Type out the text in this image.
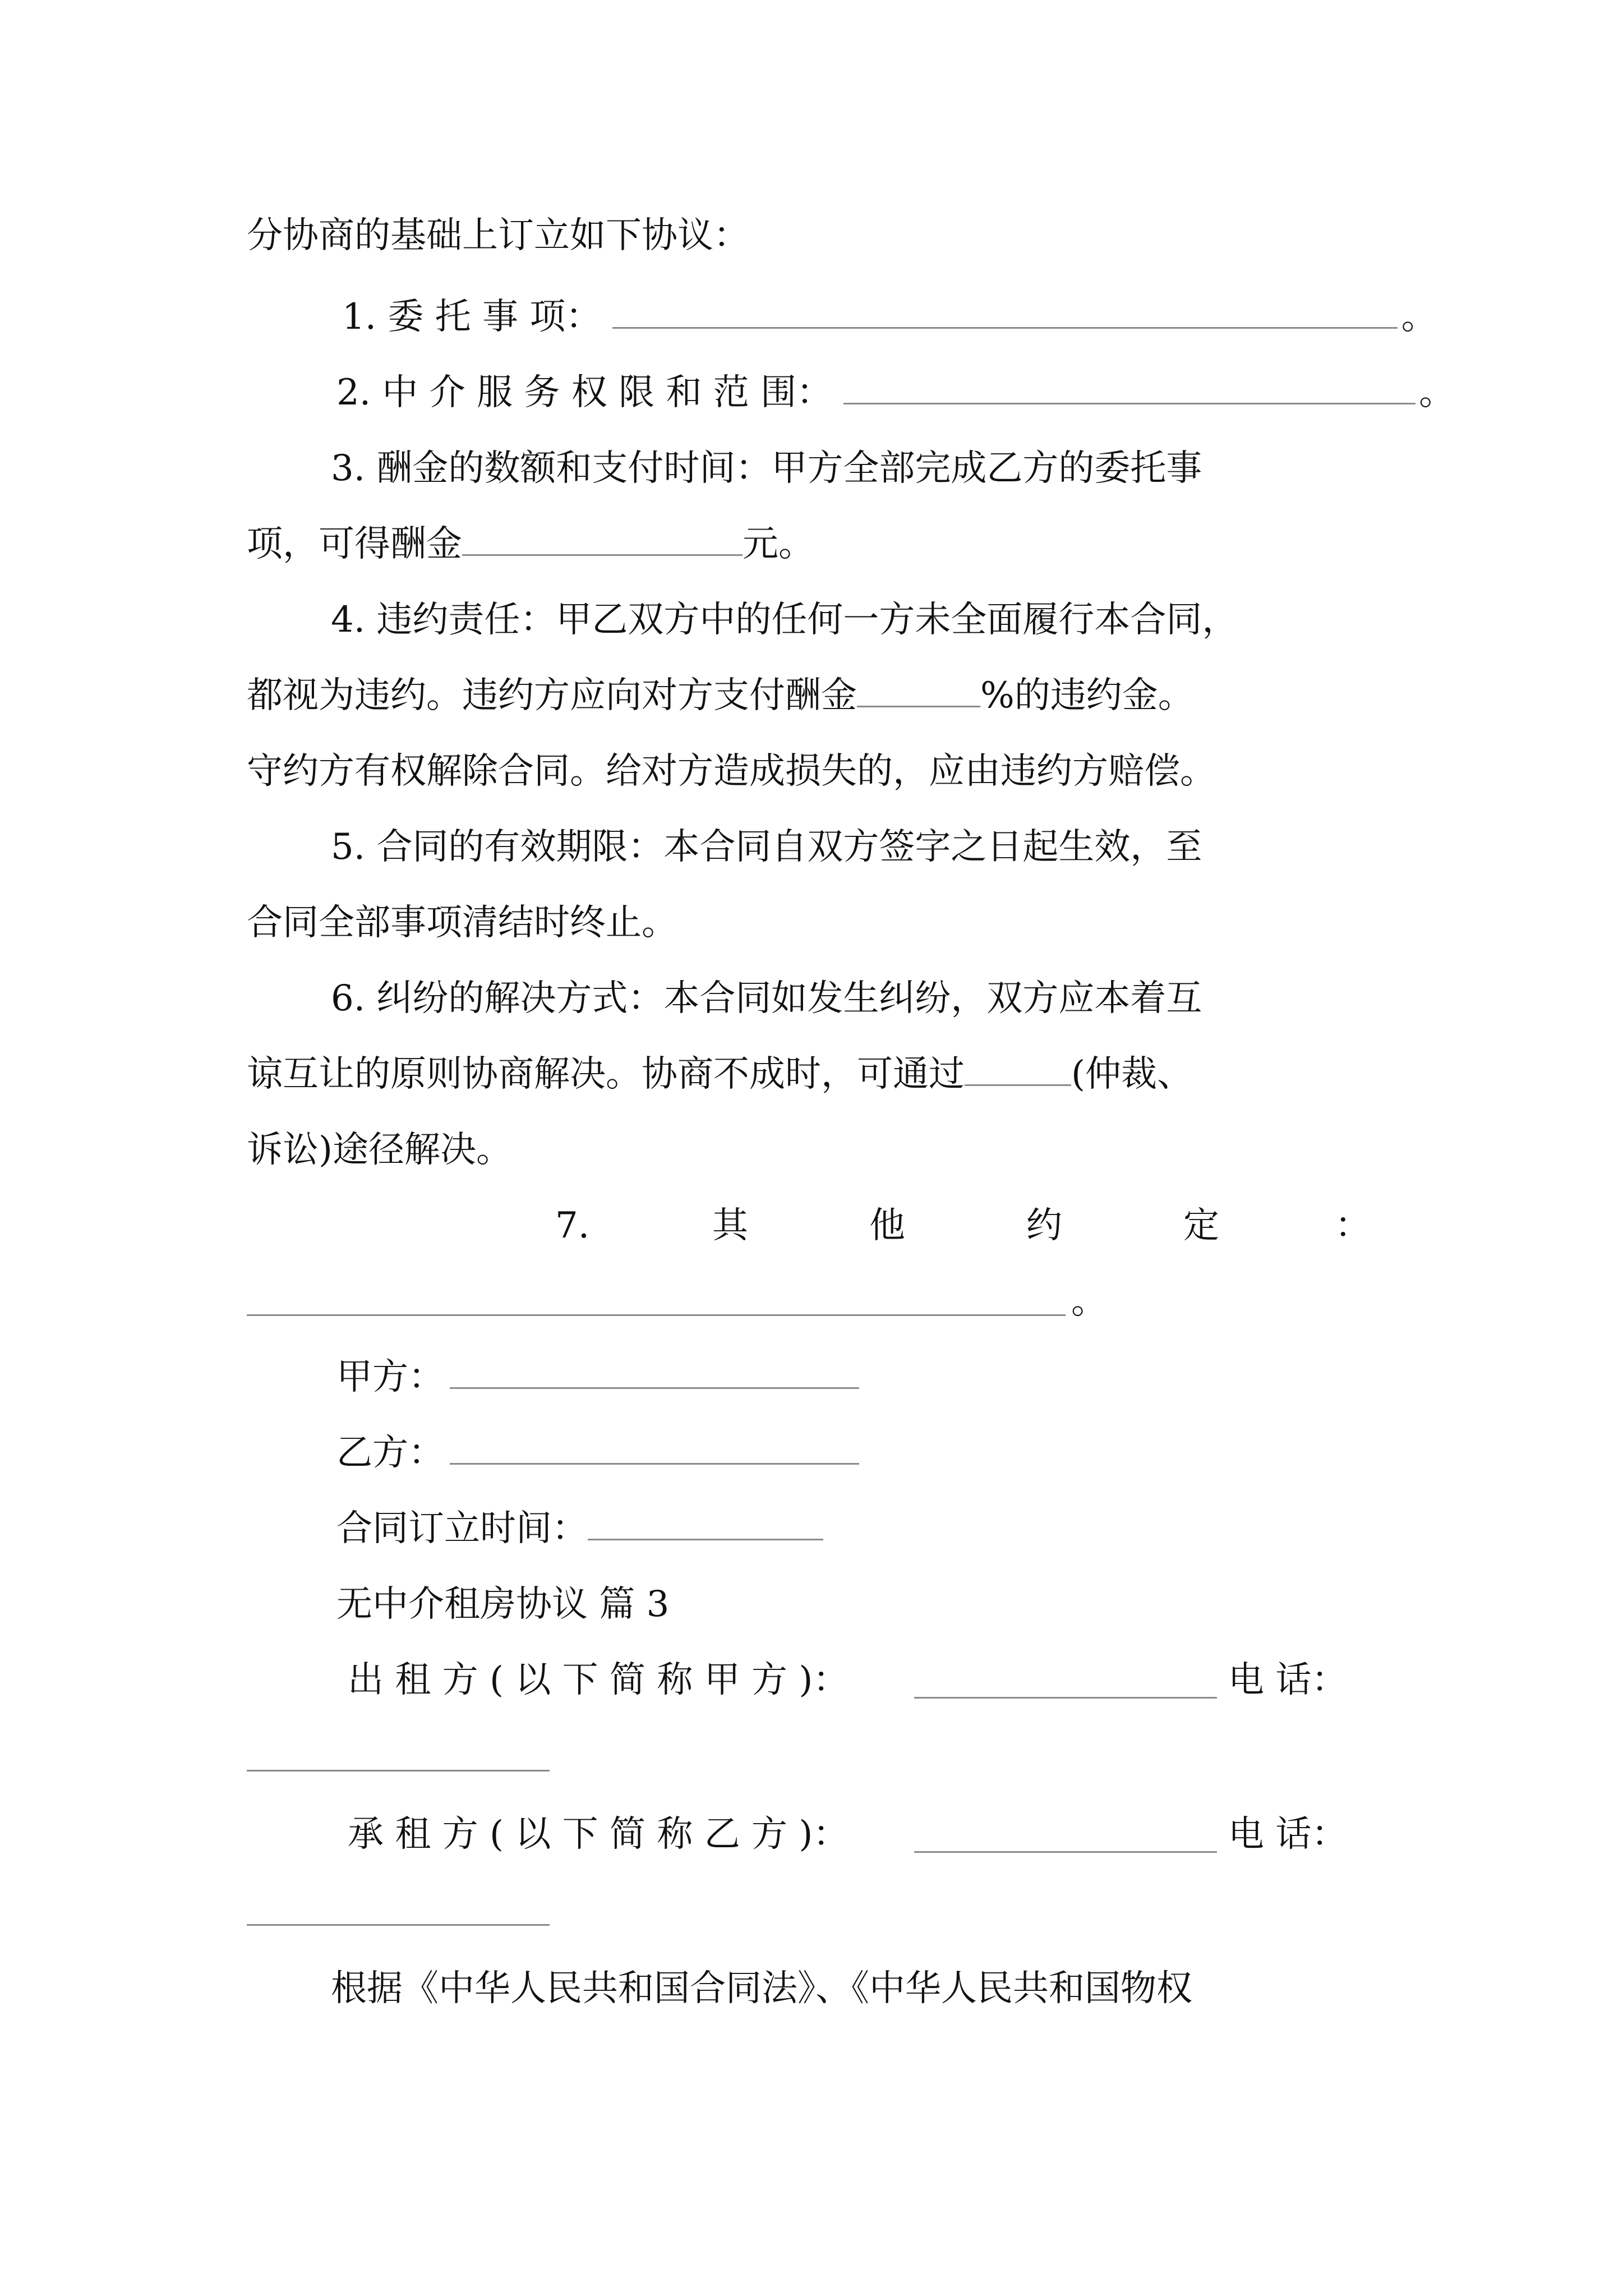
分协商的基础上订立如下协议：
1. 委 托 事 项：	。
2. 中 介 服 务 权 限 和 范 围：	。
3. 酬金的数额和支付时间：甲方全部完成乙方的委托事
项，可得酬金	元。
4. 违约责任：甲乙双方中的任何一方未全面履行本合同，
都视为违约。违约方应向对方支付酬金	%的违约金。
守约方有权解除合同。给对方造成损失的，应由违约方赔偿。
5. 合同的有效期限：本合同自双方签字之日起生效，至
合同全部事项清结时终止。
6. 纠纷的解决方式：本合同如发生纠纷，双方应本着互
谅互让的原则协商解决。协商不成时，可通过	(仲裁、
诉讼)途径解决。
7.	其	他	约	定	：
。
甲方：
乙方：
合同订立时间：
无中介租房协议 篇 3
出 租 方 ( 以 下 简 称 甲 方 )：	电 话：
承 租 方 ( 以 下 简 称 乙 方 )：	电 话：
根据《中华人民共和国合同法》、《中华人民共和国物权
